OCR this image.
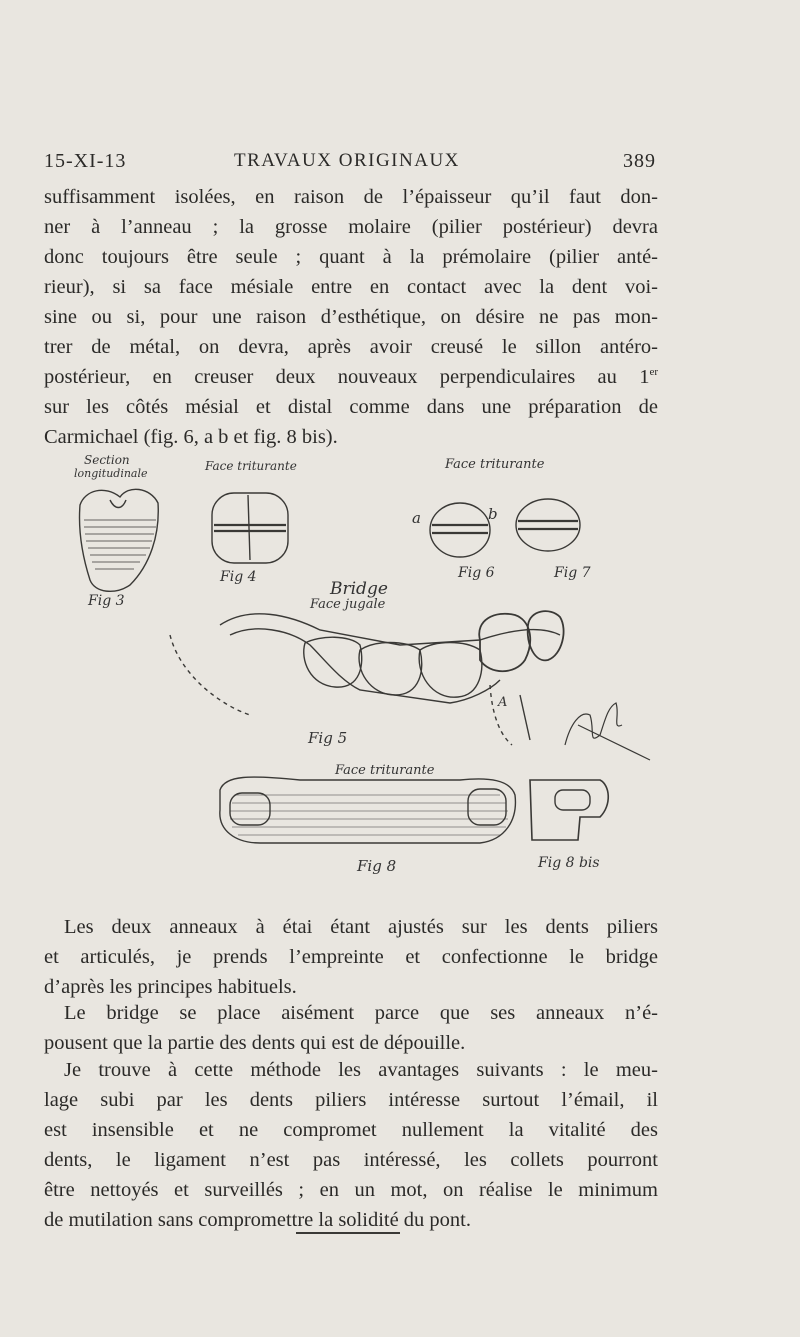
15-XI-13	TRAVAUX ORIGINAUX	389
suffisamment isolées, en raison de l’épaisseur qu’il faut don-
ner à l’anneau ; la grosse molaire (pilier postérieur) devra
donc toujours être seule ; quant à la prémolaire (pilier anté-
rieur), si sa face mésiale entre en contact avec la dent voi-
sine ou si, pour une raison d’esthétique, on désire ne pas mon-
trer de métal, on devra, après avoir creusé le sillon antéro-
postérieur, en creuser deux nouveaux perpendiculaires au 1er
sur les côtés mésial et distal comme dans une préparation de
Carmichael (fig. 6, a b et fig. 8 bis).
Section
longitudinale
Fig 3
Face triturante
Fig 4
Face triturante
a	b
Fig 6	Fig 7
Bridge
Face jugale
Fig 5
A
Face triturante
Fig 8	Fig 8 bis
Les deux anneaux à étai étant ajustés sur les dents piliers
et articulés, je prends l’empreinte et confectionne le bridge
d’après les principes habituels.
Le bridge se place aisément parce que ses anneaux n’é-
pousent que la partie des dents qui est de dépouille.
Je trouve à cette méthode les avantages suivants : le meu-
lage subi par les dents piliers intéresse surtout l’émail, il
est insensible et ne compromet nullement la vitalité des
dents, le ligament n’est pas intéressé, les collets pourront
être nettoyés et surveillés ; en un mot, on réalise le minimum
de mutilation sans compromettre la solidité du pont.
